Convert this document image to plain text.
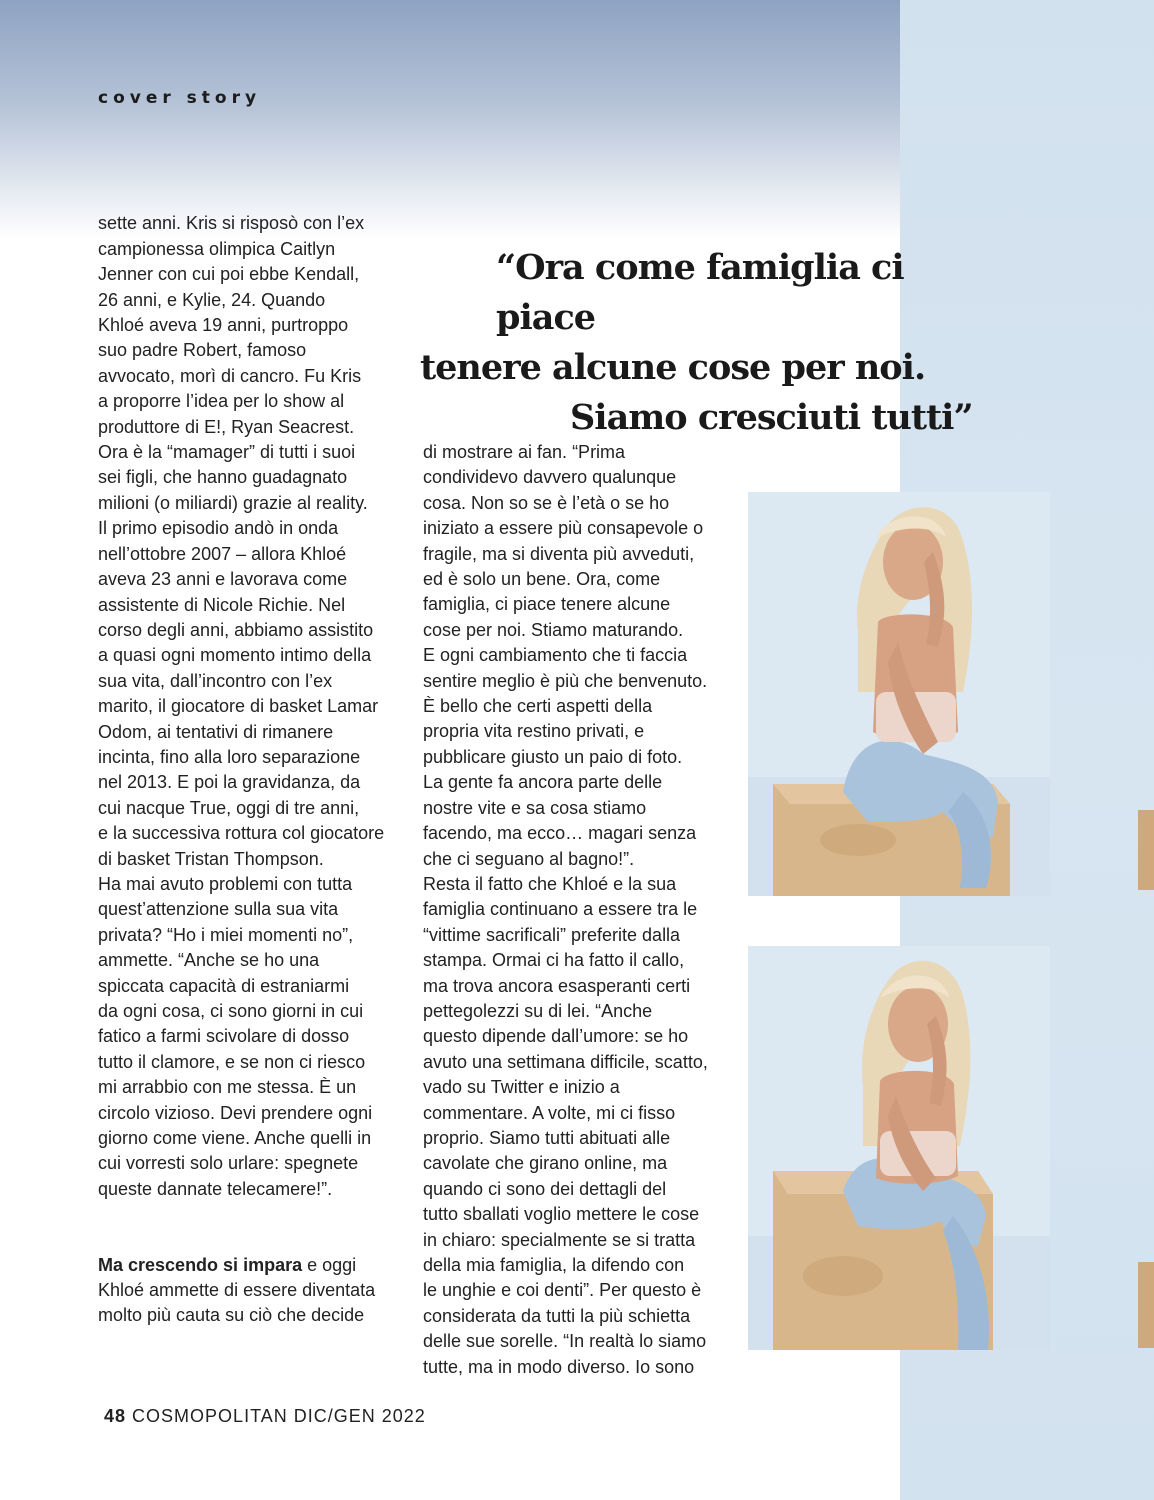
cover story

sette anni. Kris si risposò con l’ex
campionessa olimpica Caitlyn
Jenner con cui poi ebbe Kendall,
26 anni, e Kylie, 24. Quando
Khloé aveva 19 anni, purtroppo
suo padre Robert, famoso
avvocato, morì di cancro. Fu Kris
a proporre l’idea per lo show al
produttore di E!, Ryan Seacrest.
Ora è la “mamager” di tutti i suoi
sei figli, che hanno guadagnato
milioni (o miliardi) grazie al reality.
Il primo episodio andò in onda
nell’ottobre 2007 – allora Khloé
aveva 23 anni e lavorava come
assistente di Nicole Richie. Nel
corso degli anni, abbiamo assistito
a quasi ogni momento intimo della
sua vita, dall’incontro con l’ex
marito, il giocatore di basket Lamar
Odom, ai tentativi di rimanere
incinta, fino alla loro separazione
nel 2013. E poi la gravidanza, da
cui nacque True, oggi di tre anni,
e la successiva rottura col giocatore
di basket Tristan Thompson.
Ha mai avuto problemi con tutta
quest’attenzione sulla sua vita
privata? “Ho i miei momenti no”,
ammette. “Anche se ho una
spiccata capacità di estraniarmi
da ogni cosa, ci sono giorni in cui
fatico a farmi scivolare di dosso
tutto il clamore, e se non ci riesco
mi arrabbio con me stessa. È un
circolo vizioso. Devi prendere ogni
giorno come viene. Anche quelli in
cui vorresti solo urlare: spegnete
queste dannate telecamere!”.

Ma crescendo si impara e oggi
Khloé ammette di essere diventata
molto più cauta su ciò che decide

“Ora come famiglia ci piace
tenere alcune cose per noi.
Siamo cresciuti tutti”
di mostrare ai fan. “Prima
condividevo davvero qualunque
cosa. Non so se è l’età o se ho
iniziato a essere più consapevole o
fragile, ma si diventa più avveduti,
ed è solo un bene. Ora, come
famiglia, ci piace tenere alcune
cose per noi. Stiamo maturando.
E ogni cambiamento che ti faccia
sentire meglio è più che benvenuto.
È bello che certi aspetti della
propria vita restino privati, e
pubblicare giusto un paio di foto.
La gente fa ancora parte delle
nostre vite e sa cosa stiamo
facendo, ma ecco… magari senza
che ci seguano al bagno!”.
Resta il fatto che Khloé e la sua
famiglia continuano a essere tra le
“vittime sacrificali” preferite dalla
stampa. Ormai ci ha fatto il callo,
ma trova ancora esasperanti certi
pettegolezzi su di lei. “Anche
questo dipende dall’umore: se ho
avuto una settimana difficile, scatto,
vado su Twitter e inizio a
commentare. A volte, mi ci fisso
proprio. Siamo tutti abituati alle
cavolate che girano online, ma
quando ci sono dei dettagli del
tutto sballati voglio mettere le cose
in chiaro: specialmente se si tratta
della mia famiglia, la difendo con
le unghie e coi denti”. Per questo è
considerata da tutti la più schietta
delle sue sorelle. “In realtà lo siamo
tutte, ma in modo diverso. Io sono
48 COSMOPOLITAN DIC/GEN 2022
